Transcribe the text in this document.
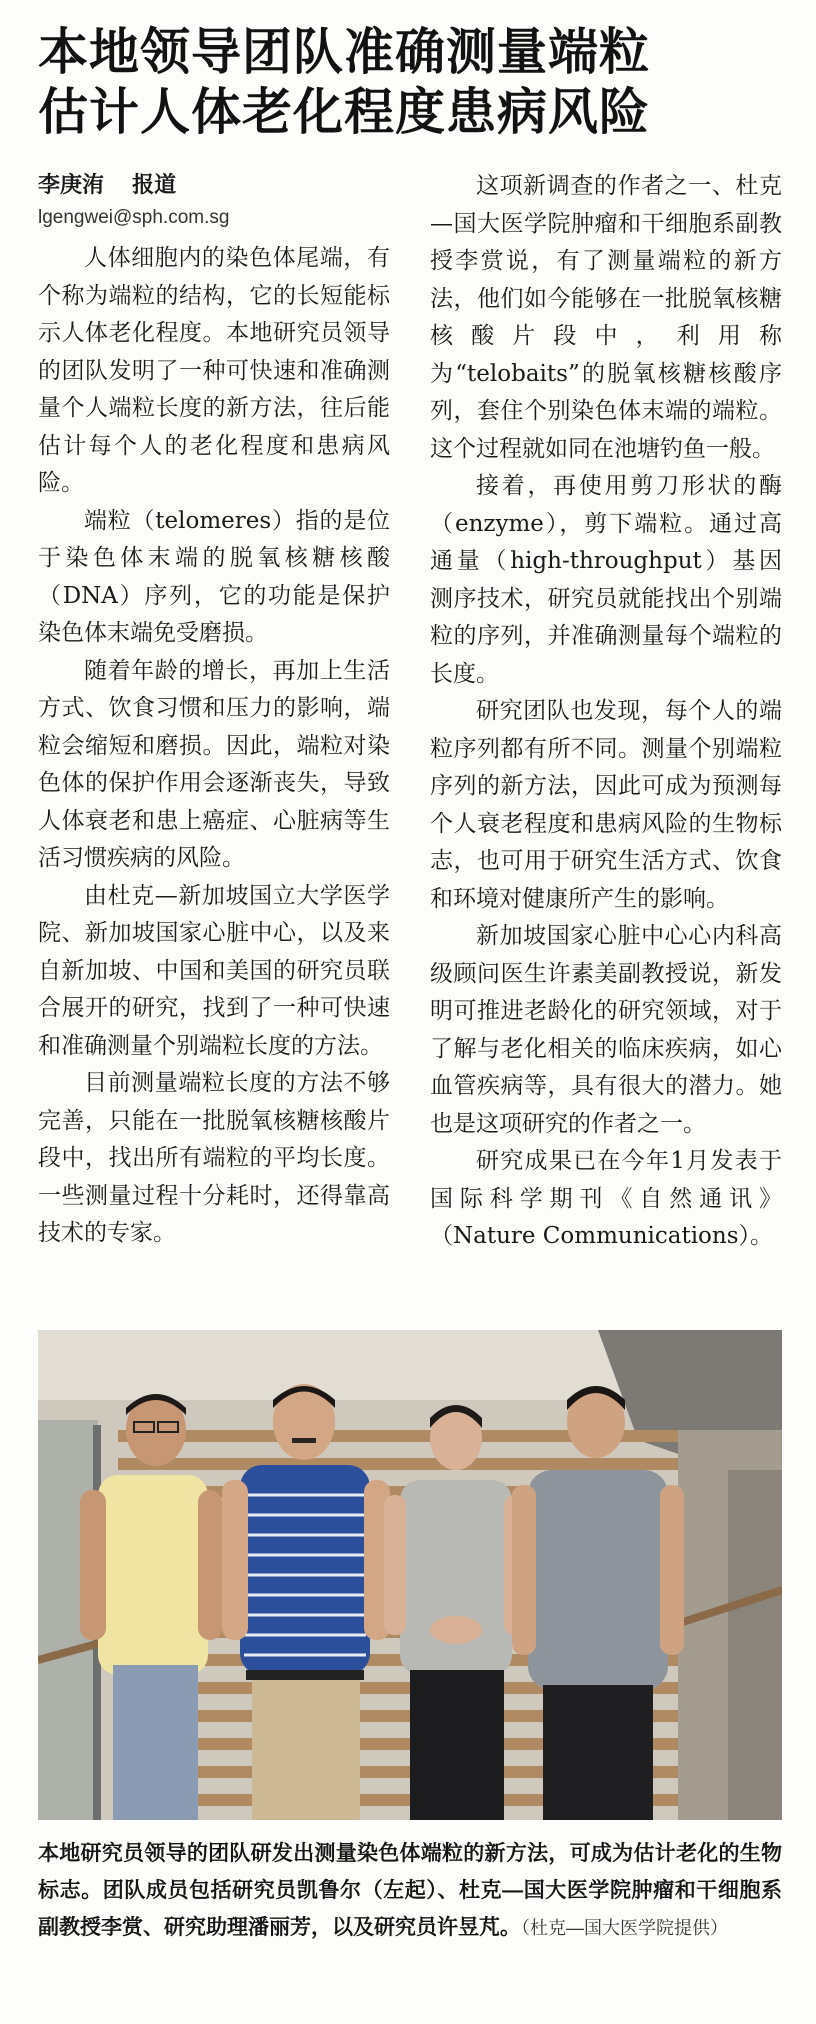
本地领导团队准确测量端粒
估计人体老化程度患病风险
李庚洧 报道
lgengwei@sph.com.sg

人体细胞内的染色体尾端，有个称为端粒的结构，它的长短能标示人体老化程度。本地研究员领导的团队发明了一种可快速和准确测量个人端粒长度的新方法，往后能估计每个人的老化程度和患病风险。

端粒（telomeres）指的是位于染色体末端的脱氧核糖核酸（DNA）序列，它的功能是保护染色体末端免受磨损。

随着年龄的增长，再加上生活方式、饮食习惯和压力的影响，端粒会缩短和磨损。因此，端粒对染色体的保护作用会逐渐丧失，导致人体衰老和患上癌症、心脏病等生活习惯疾病的风险。

由杜克—新加坡国立大学医学院、新加坡国家心脏中心，以及来自新加坡、中国和美国的研究员联合展开的研究，找到了一种可快速和准确测量个别端粒长度的方法。

目前测量端粒长度的方法不够完善，只能在一批脱氧核糖核酸片段中，找出所有端粒的平均长度。一些测量过程十分耗时，还得靠高技术的专家。

这项新调查的作者之一、杜克—国大医学院肿瘤和干细胞系副教授李赏说，有了测量端粒的新方法，他们如今能够在一批脱氧核糖核酸片段中，利用称为“telobaits”的脱氧核糖核酸序列，套住个别染色体末端的端粒。这个过程就如同在池塘钓鱼一般。

接着，再使用剪刀形状的酶（enzyme），剪下端粒。通过高通量（high-throughput）基因测序技术，研究员就能找出个别端粒的序列，并准确测量每个端粒的长度。

研究团队也发现，每个人的端粒序列都有所不同。测量个别端粒序列的新方法，因此可成为预测每个人衰老程度和患病风险的生物标志，也可用于研究生活方式、饮食和环境对健康所产生的影响。

新加坡国家心脏中心心内科高级顾问医生许素美副教授说，新发明可推进老龄化的研究领域，对于了解与老化相关的临床疾病，如心血管疾病等，具有很大的潜力。她也是这项研究的作者之一。

研究成果已在今年1月发表于国际科学期刊《自然通讯》（Nature Communications）。

本地研究员领导的团队研发出测量染色体端粒的新方法，可成为估计老化的生物标志。团队成员包括研究员凯鲁尔（左起）、杜克—国大医学院肿瘤和干细胞系副教授李赏、研究助理潘丽芳，以及研究员许昱芃。（杜克—国大医学院提供）
